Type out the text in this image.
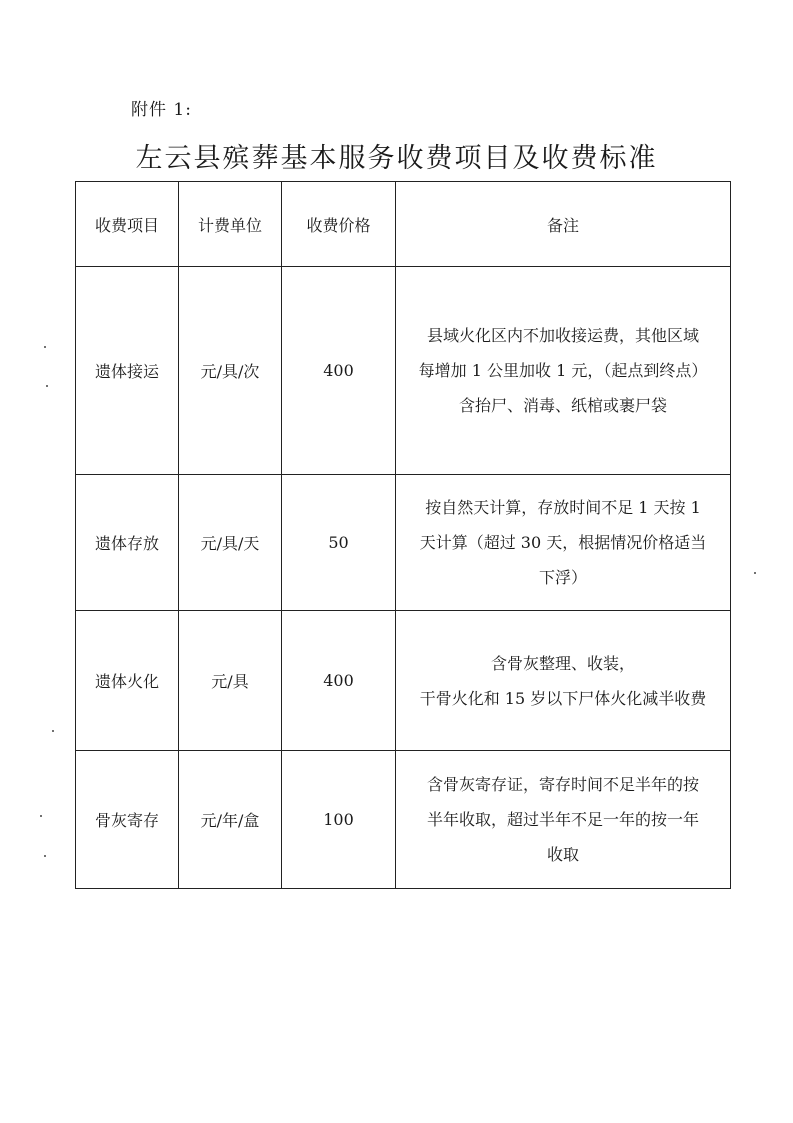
附件 1:
左云县殡葬基本服务收费项目及收费标准
收费项目	计费单位	收费价格	备注
遗体接运	元/具/次	400	县域火化区内不加收接运费，其他区域
每增加 1 公里加收 1 元，（起点到终点）
含抬尸、消毒、纸棺或裹尸袋

遗体存放	元/具/天	50	按自然天计算，存放时间不足 1 天按 1
天计算（超过 30 天，根据情况价格适当
下浮）

遗体火化	元/具	400	含骨灰整理、收装，
干骨火化和 15 岁以下尸体火化减半收费

骨灰寄存	元/年/盒	100	含骨灰寄存证，寄存时间不足半年的按
半年收取，超过半年不足一年的按一年
收取
